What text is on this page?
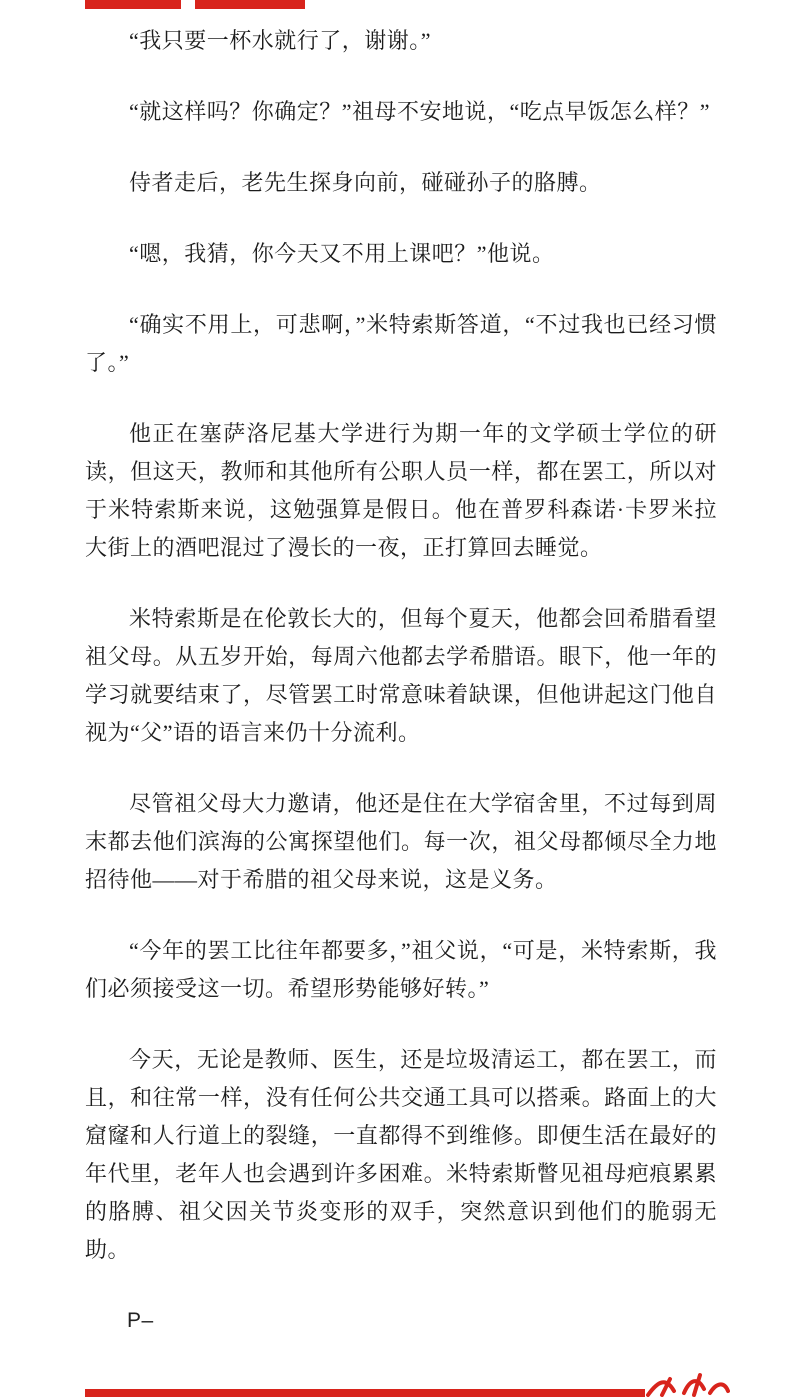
“我只要一杯水就行了，谢谢。”

“就这样吗？你确定？”祖母不安地说，“吃点早饭怎么样？”

侍者走后，老先生探身向前，碰碰孙子的胳膊。

“嗯，我猜，你今天又不用上课吧？”他说。

“确实不用上，可悲啊，”米特索斯答道，“不过我也已经习惯了。”

他正在塞萨洛尼基大学进行为期一年的文学硕士学位的研读，但这天，教师和其他所有公职人员一样，都在罢工，所以对于米特索斯来说，这勉强算是假日。他在普罗科森诺·卡罗米拉大街上的酒吧混过了漫长的一夜，正打算回去睡觉。

米特索斯是在伦敦长大的，但每个夏天，他都会回希腊看望祖父母。从五岁开始，每周六他都去学希腊语。眼下，他一年的学习就要结束了，尽管罢工时常意味着缺课，但他讲起这门他自视为“父”语的语言来仍十分流利。

尽管祖父母大力邀请，他还是住在大学宿舍里，不过每到周末都去他们滨海的公寓探望他们。每一次，祖父母都倾尽全力地招待他——对于希腊的祖父母来说，这是义务。

“今年的罢工比往年都要多，”祖父说，“可是，米特索斯，我们必须接受这一切。希望形势能够好转。”

今天，无论是教师、医生，还是垃圾清运工，都在罢工，而且，和往常一样，没有任何公共交通工具可以搭乘。路面上的大窟窿和人行道上的裂缝，一直都得不到维修。即便生活在最好的年代里，老年人也会遇到许多困难。米特索斯瞥见祖母疤痕累累的胳膊、祖父因关节炎变形的双手，突然意识到他们的脆弱无助。

P–
